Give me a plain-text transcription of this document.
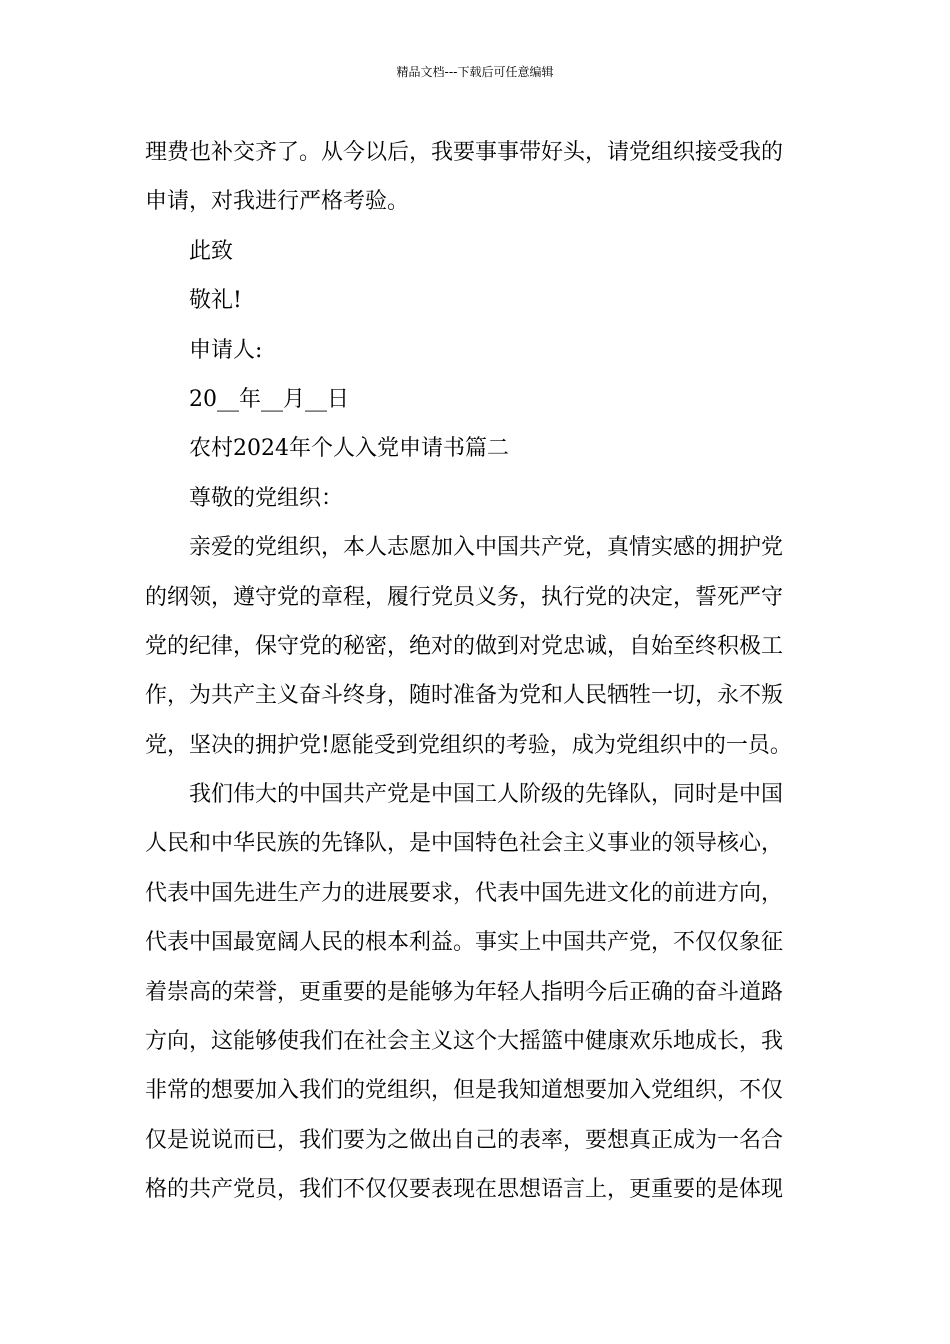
精品文档---下载后可任意编辑
理费也补交齐了。从今以后，我要事事带好头，请党组织接受我的
申请，对我进行严格考验。
此致
敬礼!
申请人:
20__年__月__日
农村2024年个人入党申请书篇二
尊敬的党组织：
亲爱的党组织，本人志愿加入中国共产党，真情实感的拥护党
的纲领，遵守党的章程，履行党员义务，执行党的决定，誓死严守
党的纪律，保守党的秘密，绝对的做到对党忠诚，自始至终积极工
作，为共产主义奋斗终身，随时准备为党和人民牺牲一切，永不叛
党，坚决的拥护党!愿能受到党组织的考验，成为党组织中的一员。
我们伟大的中国共产党是中国工人阶级的先锋队，同时是中国
人民和中华民族的先锋队，是中国特色社会主义事业的领导核心，
代表中国先进生产力的进展要求，代表中国先进文化的前进方向，
代表中国最宽阔人民的根本利益。事实上中国共产党，不仅仅象征
着崇高的荣誉，更重要的是能够为年轻人指明今后正确的奋斗道路
方向，这能够使我们在社会主义这个大摇篮中健康欢乐地成长，我
非常的想要加入我们的党组织，但是我知道想要加入党组织，不仅
仅是说说而已，我们要为之做出自己的表率，要想真正成为一名合
格的共产党员，我们不仅仅要表现在思想语言上，更重要的是体现
